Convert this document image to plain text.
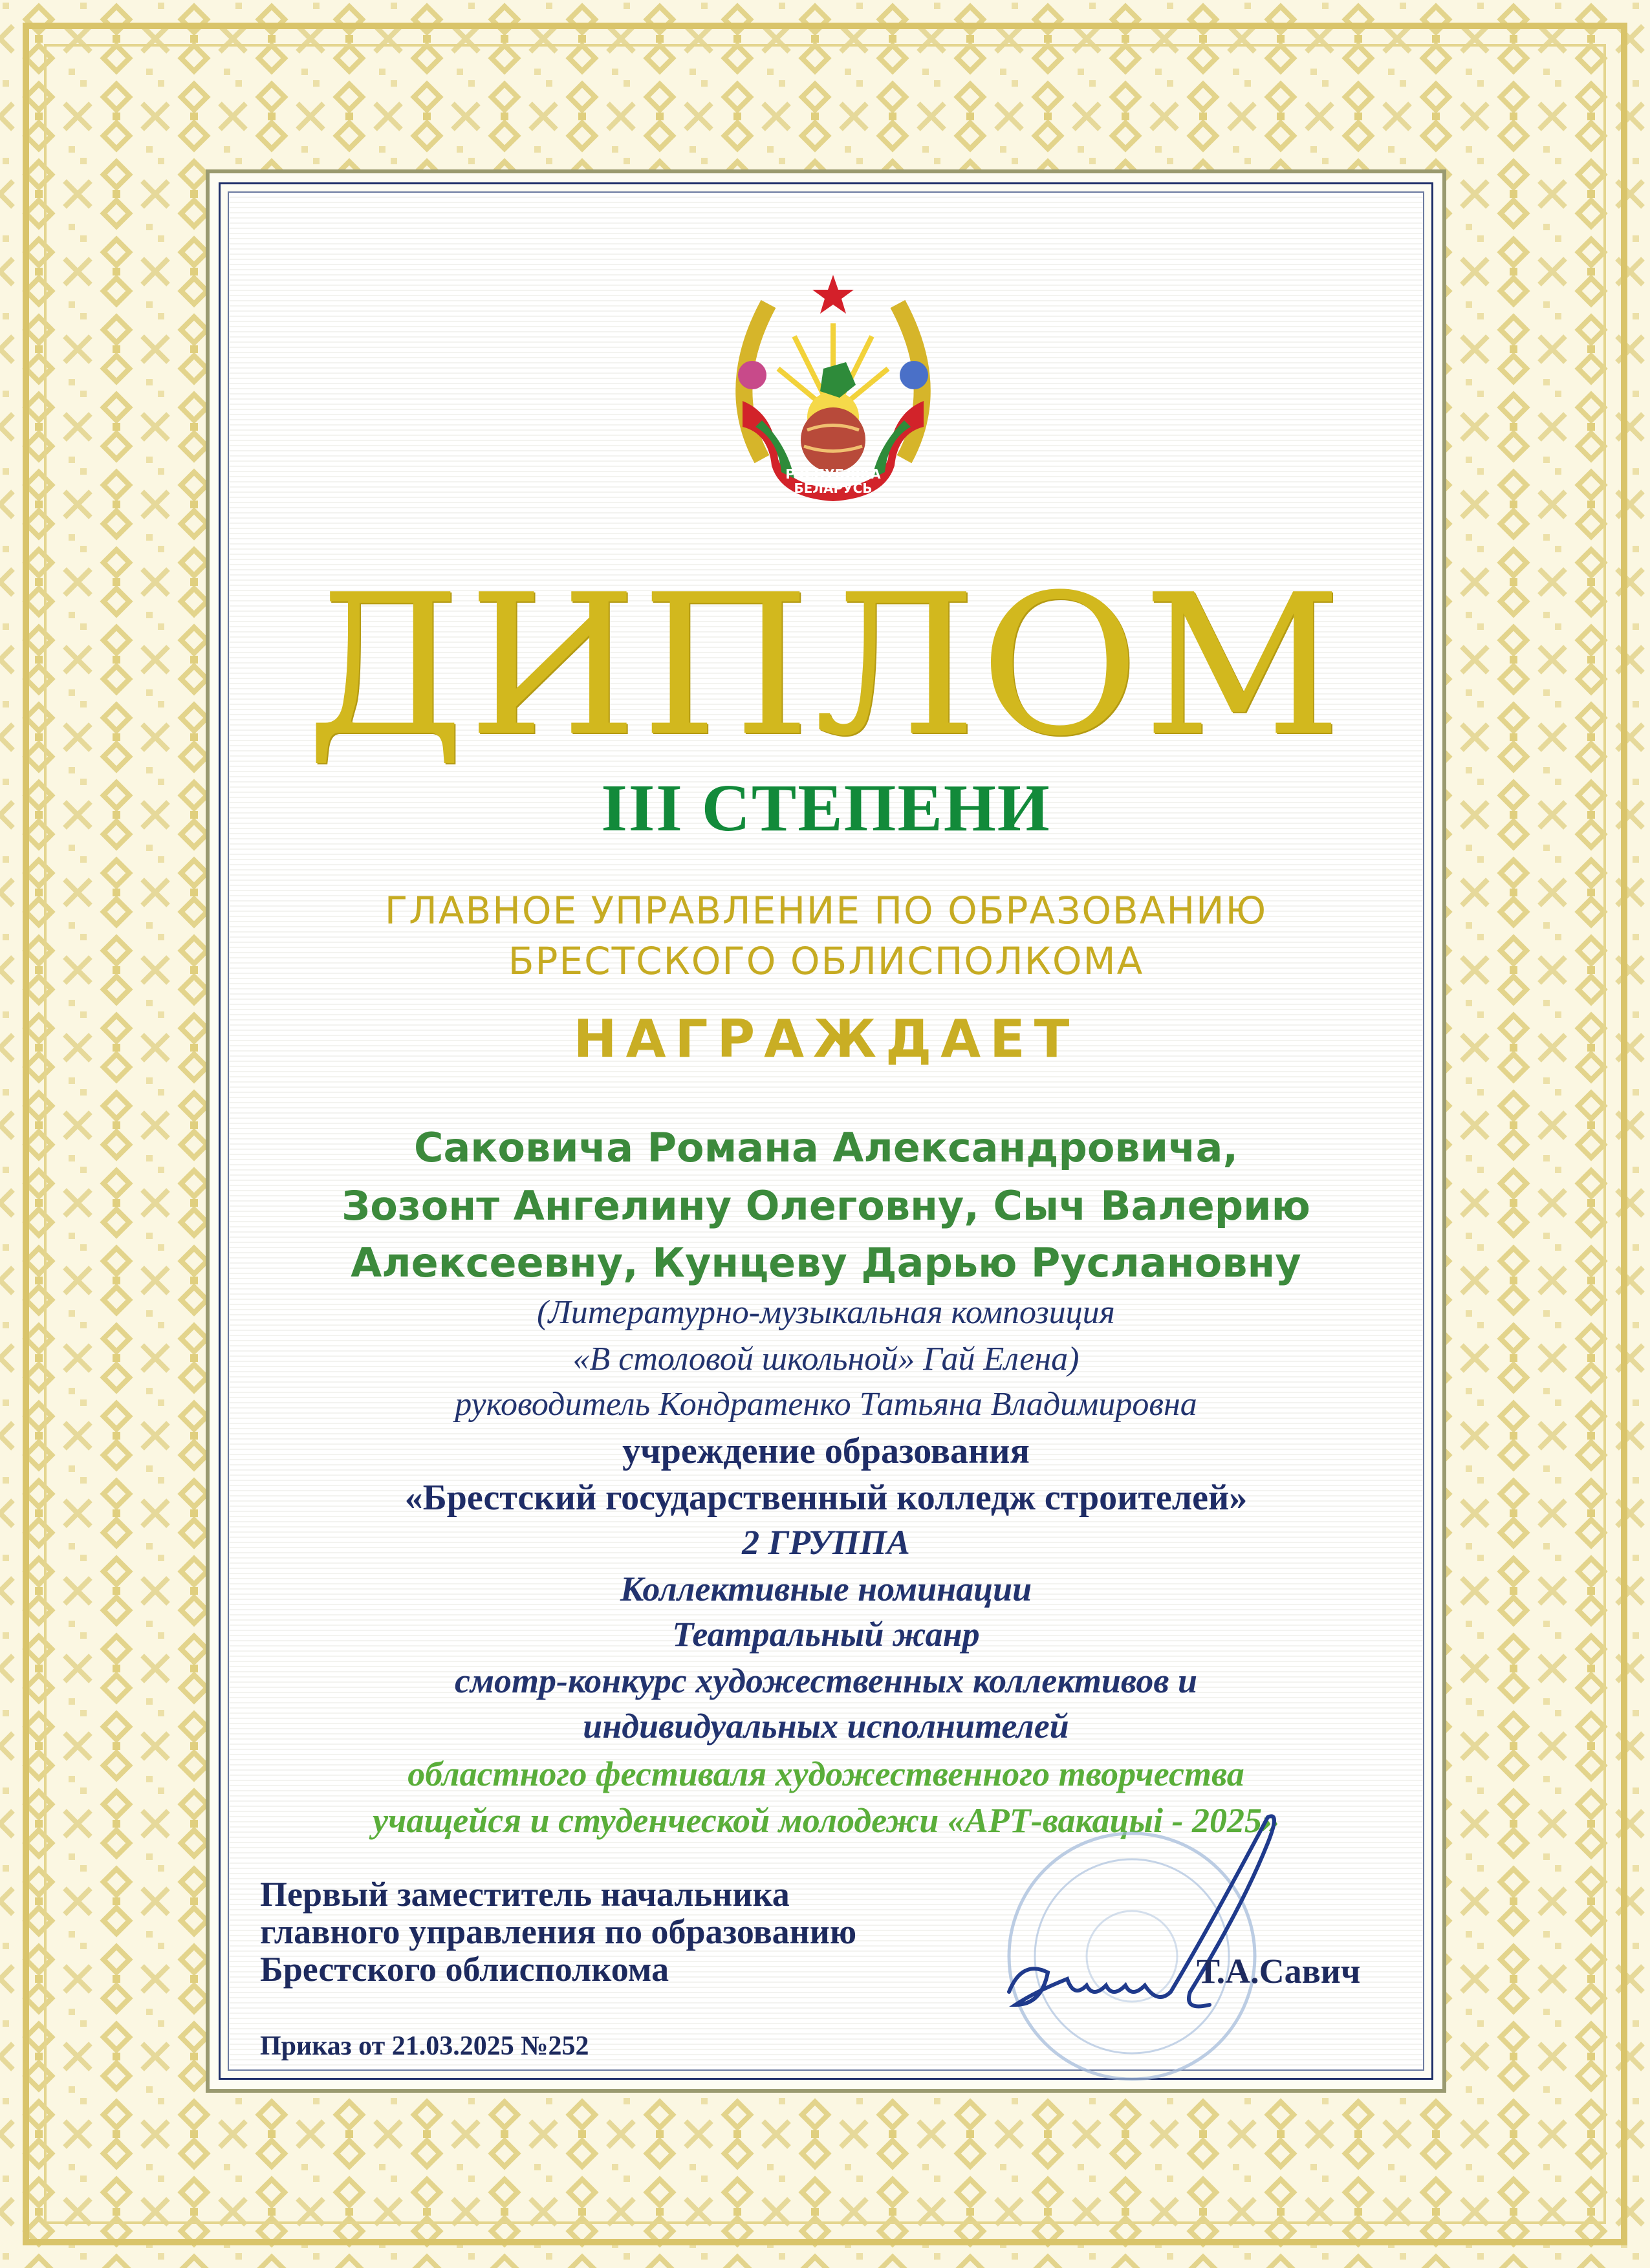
РЭСПУБЛІКА
БЕЛАРУСЬ
ДИПЛОМ
III СТЕПЕНИ
ГЛАВНОЕ УПРАВЛЕНИЕ ПО ОБРАЗОВАНИЮ
БРЕСТСКОГО ОБЛИСПОЛКОМА
НАГРАЖДАЕТ
Саковича Романа Александровича,
Зозонт Ангелину Олеговну, Сыч Валерию
Алексеевну, Кунцеву Дарью Руслановну
(Литературно-музыкальная композиция
«В столовой школьной» Гай Елена)
руководитель Кондратенко Татьяна Владимировна
учреждение образования
«Брестский государственный колледж строителей»
2 ГРУППА
Коллективные номинации
Театральный жанр
смотр-конкурс художественных коллективов и
индивидуальных исполнителей
областного фестиваля художественного творчества
учащейся и студенческой молодежи «АРТ-вакацыі - 2025»
Первый заместитель начальника
главного управления по образованию
Брестского облисполкома	Т.А.Савич
Приказ от 21.03.2025 №252
